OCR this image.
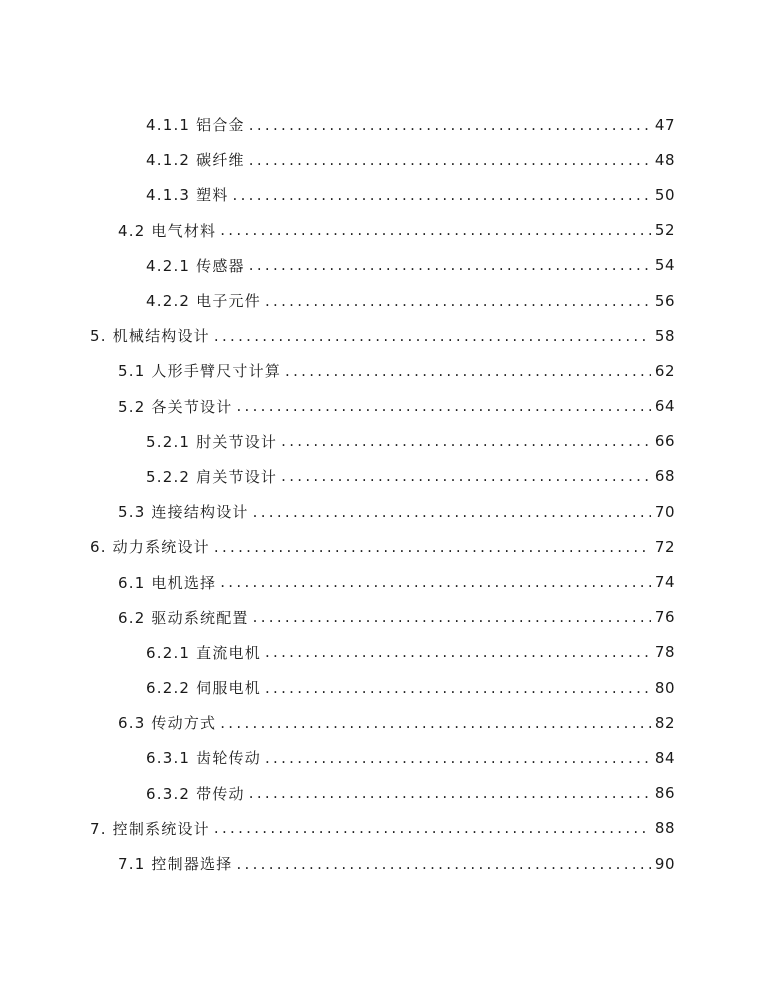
4.1.1 铝合金 .....	47
4.1.2 碳纤维 .....	48
4.1.3 塑料 .....	50
4.2 电气材料 .....	52
4.2.1 传感器 .....	54
4.2.2 电子元件 .....	56
5. 机械结构设计 .....	58
5.1 人形手臂尺寸计算 .....	62
5.2 各关节设计 .....	64
5.2.1 肘关节设计 .....	66
5.2.2 肩关节设计 .....	68
5.3 连接结构设计 .....	70
6. 动力系统设计 .....	72
6.1 电机选择 .....	74
6.2 驱动系统配置 .....	76
6.2.1 直流电机 .....	78
6.2.2 伺服电机 .....	80
6.3 传动方式 .....	82
6.3.1 齿轮传动 .....	84
6.3.2 带传动 .....	86
7. 控制系统设计 .....	88
7.1 控制器选择 .....	90
